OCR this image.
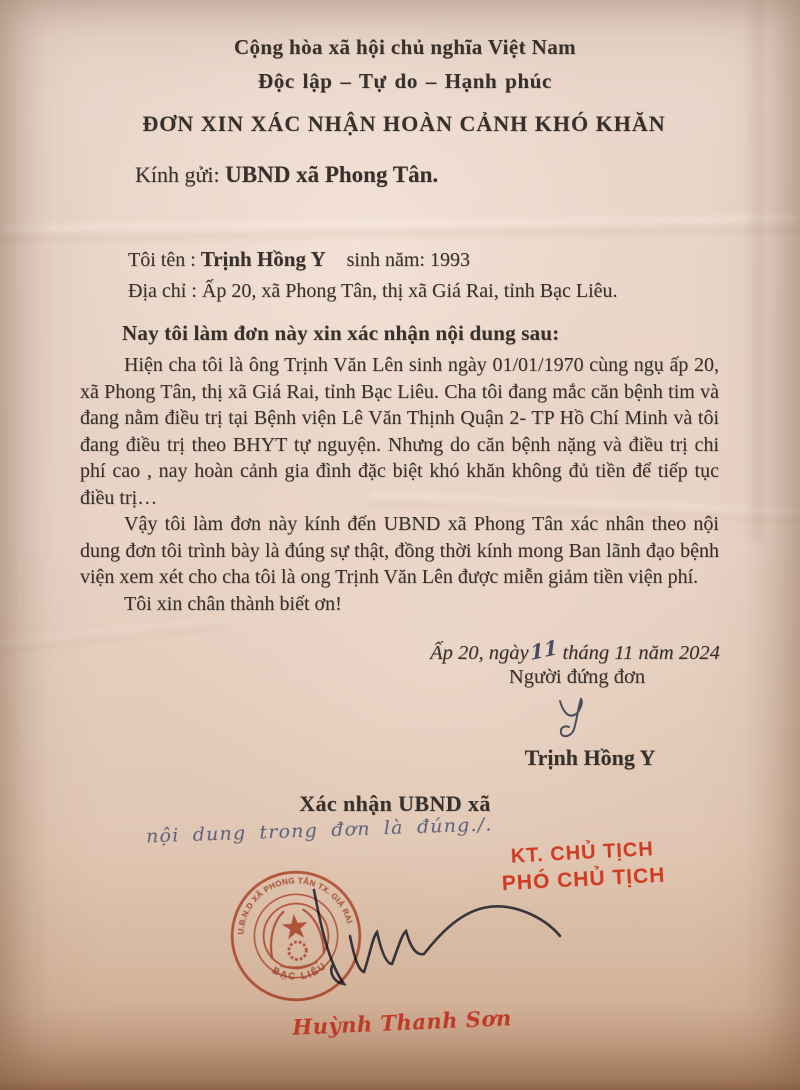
Cộng hòa xã hội chủ nghĩa Việt Nam
Độc lập – Tự do – Hạnh phúc
ĐƠN XIN XÁC NHẬN HOÀN CẢNH KHÓ KHĂN
Kính gửi: UBND xã Phong Tân.
Tôi tên : Trịnh Hồng Y sinh năm: 1993
Địa chỉ : Ấp 20, xã Phong Tân, thị xã Giá Rai, tỉnh Bạc Liêu.
Nay tôi làm đơn này xin xác nhận nội dung sau:

Hiện cha tôi là ông Trịnh Văn Lên sinh ngày 01/01/1970 cùng ngụ ấp 20, xã Phong Tân, thị xã Giá Rai, tỉnh Bạc Liêu. Cha tôi đang mắc căn bệnh tim và đang nằm điều trị tại Bệnh viện Lê Văn Thịnh Quận 2- TP Hồ Chí Minh và tôi đang điều trị theo BHYT tự nguyện. Nhưng do căn bệnh nặng và điều trị chi phí cao , nay hoàn cảnh gia đình đặc biệt khó khăn không đủ tiền để tiếp tục điều trị…

Vậy tôi làm đơn này kính đến UBND xã Phong Tân xác nhân theo nội dung đơn tôi trình bày là đúng sự thật, đồng thời kính mong Ban lãnh đạo bệnh viện xem xét cho cha tôi là ong Trịnh Văn Lên được miễn giảm tiền viện phí.

Tôi xin chân thành biết ơn!

Ấp 20, ngày11 tháng 11 năm 2024
Người đứng đơn
Trịnh Hồng Y
Xác nhận UBND xã
nội dung trong đơn là đúng./.
KT. CHỦ TỊCH
PHÓ CHỦ TỊCH
U.B.N.D XÃ PHONG TÂN TX. GIÁ RAI
BẠC LIÊU
Huỳnh Thanh Sơn
